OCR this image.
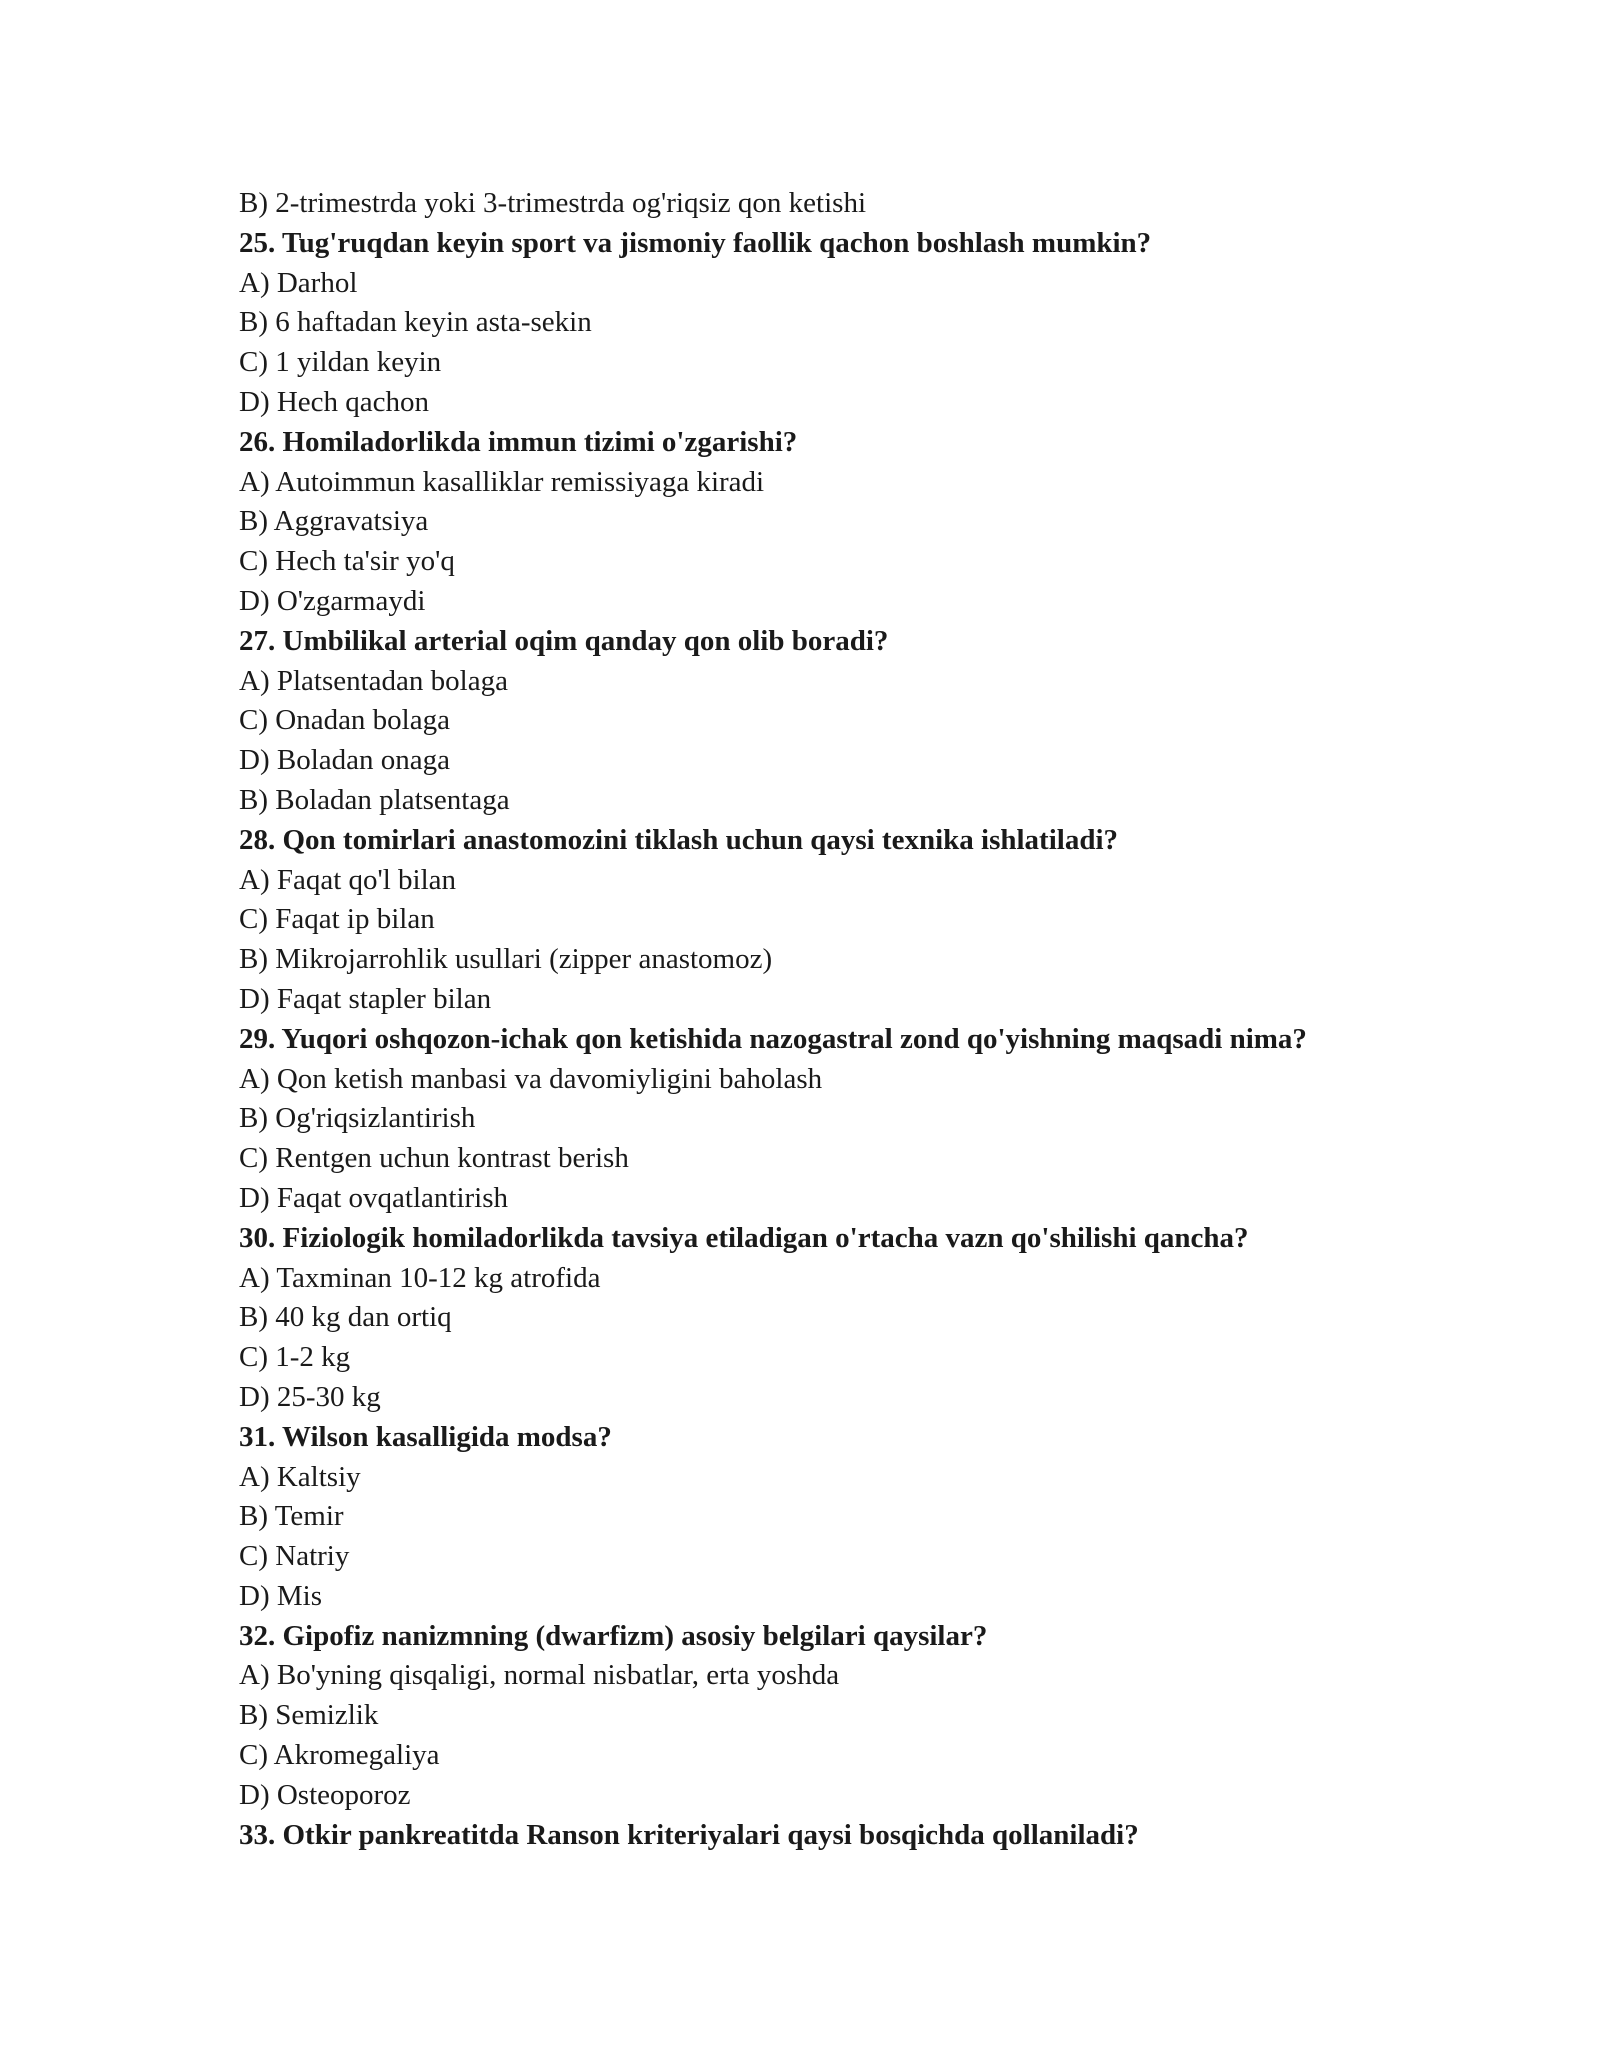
B) 2-trimestrda yoki 3-trimestrda og'riqsiz qon ketishi

25. Tug'ruqdan keyin sport va jismoniy faollik qachon boshlash mumkin?

A) Darhol

B) 6 haftadan keyin asta-sekin

C) 1 yildan keyin

D) Hech qachon

26. Homiladorlikda immun tizimi o'zgarishi?

A) Autoimmun kasalliklar remissiyaga kiradi

B) Aggravatsiya

C) Hech ta'sir yo'q

D) O'zgarmaydi

27. Umbilikal arterial oqim qanday qon olib boradi?

A) Platsentadan bolaga

C) Onadan bolaga

D) Boladan onaga

B) Boladan platsentaga

28. Qon tomirlari anastomozini tiklash uchun qaysi texnika ishlatiladi?

A) Faqat qo'l bilan

C) Faqat ip bilan

B) Mikrojarrohlik usullari (zipper anastomoz)

D) Faqat stapler bilan

29. Yuqori oshqozon-ichak qon ketishida nazogastral zond qo'yishning maqsadi nima?

A) Qon ketish manbasi va davomiyligini baholash

B) Og'riqsizlantirish

C) Rentgen uchun kontrast berish

D) Faqat ovqatlantirish

30. Fiziologik homiladorlikda tavsiya etiladigan o'rtacha vazn qo'shilishi qancha?

A) Taxminan 10-12 kg atrofida

B) 40 kg dan ortiq

C) 1-2 kg

D) 25-30 kg

31. Wilson kasalligida modsa?

A) Kaltsiy

B) Temir

C) Natriy

D) Mis

32. Gipofiz nanizmning (dwarfizm) asosiy belgilari qaysilar?

A) Bo'yning qisqaligi, normal nisbatlar, erta yoshda

B) Semizlik

C) Akromegaliya

D) Osteoporoz

33. Otkir pankreatitda Ranson kriteriyalari qaysi bosqichda qollaniladi?
